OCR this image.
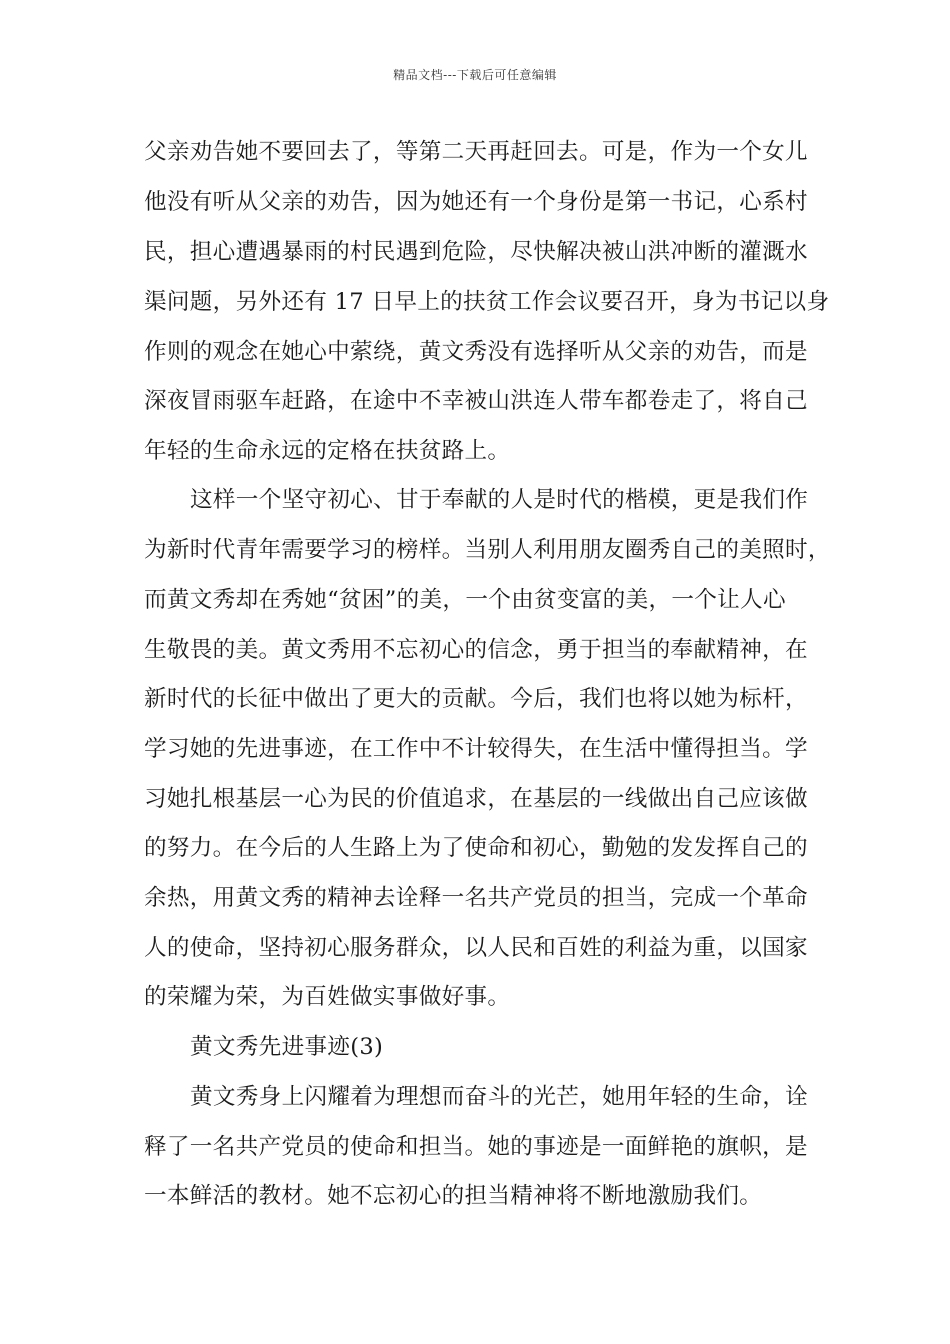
精品文档---下载后可任意编辑
父亲劝告她不要回去了，等第二天再赶回去。可是，作为一个女儿
他没有听从父亲的劝告，因为她还有一个身份是第一书记，心系村
民，担心遭遇暴雨的村民遇到危险，尽快解决被山洪冲断的灌溉水
渠问题，另外还有 17 日早上的扶贫工作会议要召开，身为书记以身
作则的观念在她心中萦绕，黄文秀没有选择听从父亲的劝告，而是
深夜冒雨驱车赶路，在途中不幸被山洪连人带车都卷走了，将自己
年轻的生命永远的定格在扶贫路上。
这样一个坚守初心、甘于奉献的人是时代的楷模，更是我们作
为新时代青年需要学习的榜样。当别人利用朋友圈秀自己的美照时，
而黄文秀却在秀她“贫困”的美，一个由贫变富的美，一个让人心
生敬畏的美。黄文秀用不忘初心的信念，勇于担当的奉献精神，在
新时代的长征中做出了更大的贡献。今后，我们也将以她为标杆，
学习她的先进事迹，在工作中不计较得失，在生活中懂得担当。学
习她扎根基层一心为民的价值追求，在基层的一线做出自己应该做
的努力。在今后的人生路上为了使命和初心，勤勉的发发挥自己的
余热，用黄文秀的精神去诠释一名共产党员的担当，完成一个革命
人的使命，坚持初心服务群众，以人民和百姓的利益为重，以国家
的荣耀为荣，为百姓做实事做好事。
黄文秀先进事迹(3)
黄文秀身上闪耀着为理想而奋斗的光芒，她用年轻的生命，诠
释了一名共产党员的使命和担当。她的事迹是一面鲜艳的旗帜，是
一本鲜活的教材。她不忘初心的担当精神将不断地激励我们。
